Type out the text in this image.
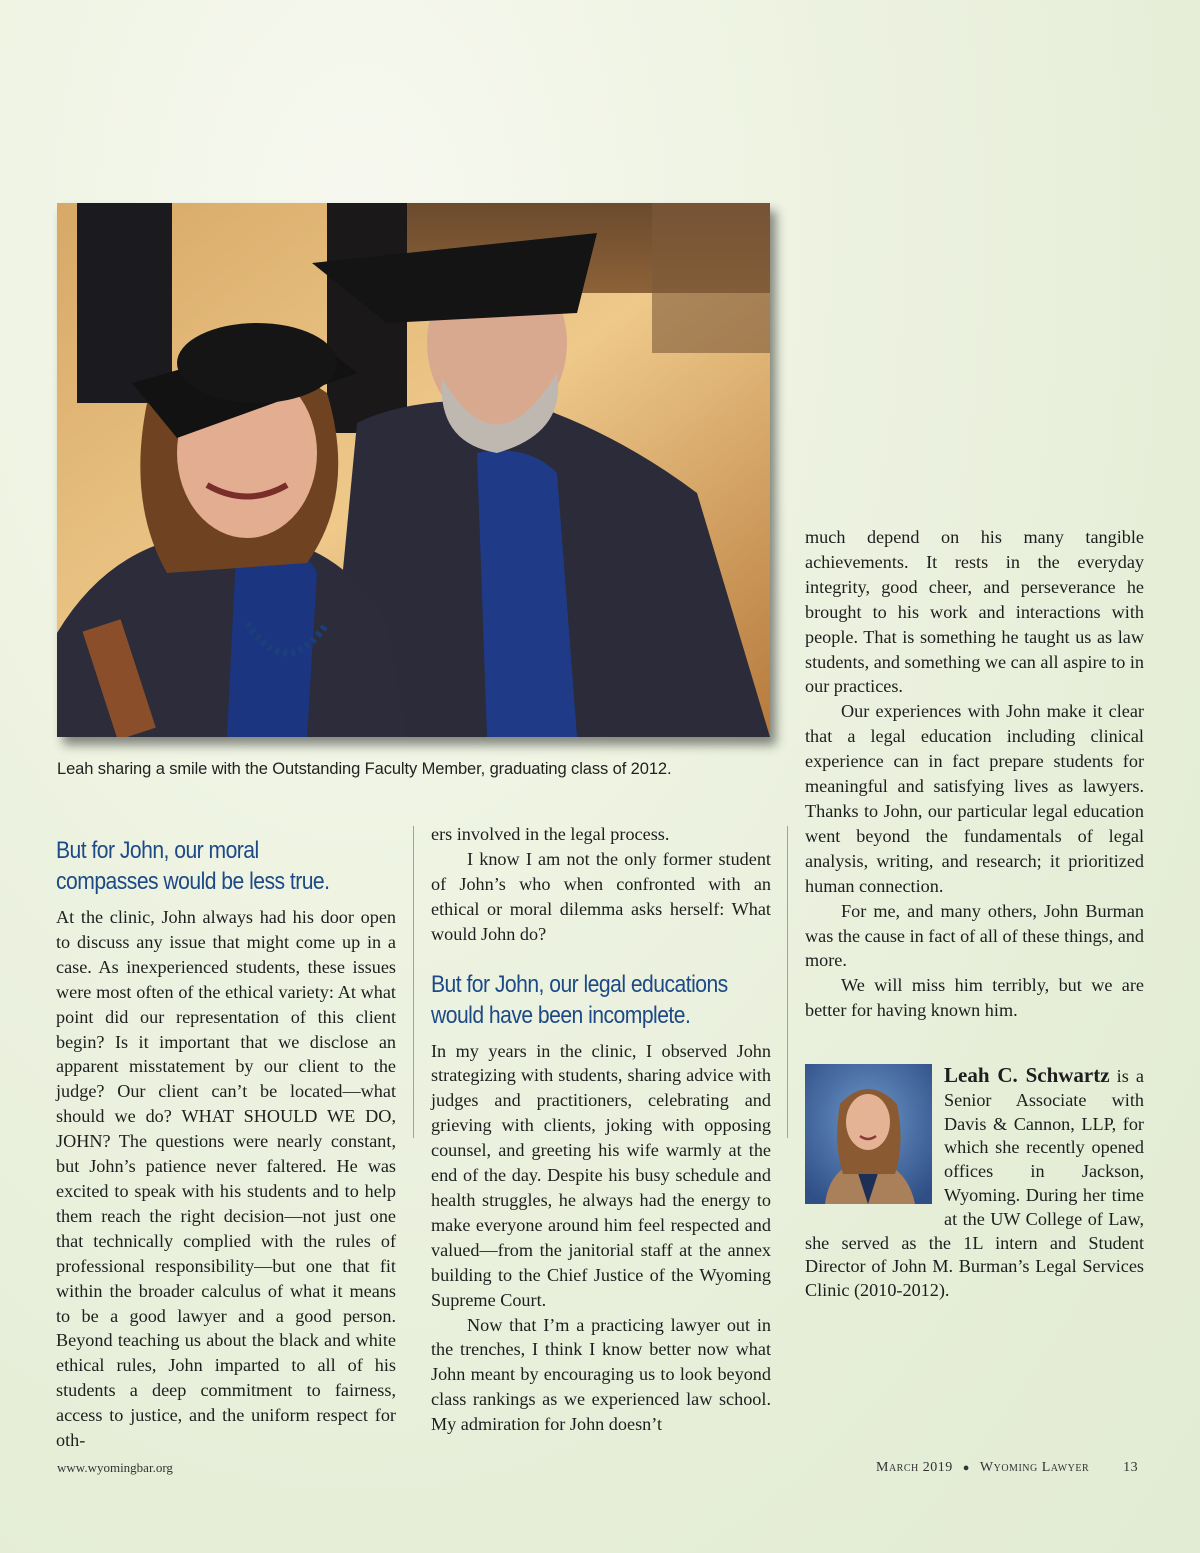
Leah sharing a smile with the Outstanding Faculty Member, graduating class of 2012.
But for John, our moral compasses would be less true.

At the clinic, John always had his door open to discuss any issue that might come up in a case. As inexperienced students, these issues were most often of the ethical variety: At what point did our representation of this client begin? Is it important that we disclose an apparent misstatement by our client to the judge? Our client can’t be located—what should we do? WHAT SHOULD WE DO, JOHN? The questions were nearly constant, but John’s patience never faltered. He was excited to speak with his students and to help them reach the right decision—not just one that technically complied with the rules of professional responsibility—but one that fit within the broader calculus of what it means to be a good lawyer and a good person. Beyond teaching us about the black and white ethical rules, John imparted to all of his students a deep commitment to fairness, access to justice, and the uniform respect for oth-

ers involved in the legal process.

I know I am not the only former student of John’s who when confronted with an ethical or moral dilemma asks herself: What would John do?

But for John, our legal educations would have been incomplete.

In my years in the clinic, I observed John strategizing with students, sharing advice with judges and practitioners, celebrating and grieving with clients, joking with opposing counsel, and greeting his wife warmly at the end of the day. Despite his busy schedule and health struggles, he always had the energy to make everyone around him feel respected and valued—from the janitorial staff at the annex building to the Chief Justice of the Wyoming Supreme Court.

Now that I’m a practicing lawyer out in the trenches, I think I know better now what John meant by encouraging us to look beyond class rankings as we experienced law school. My admiration for John doesn’t

much depend on his many tangible achievements. It rests in the everyday integrity, good cheer, and perseverance he brought to his work and interactions with people. That is something he taught us as law students, and something we can all aspire to in our practices.

Our experiences with John make it clear that a legal education including clinical experience can in fact prepare students for meaningful and satisfying lives as lawyers. Thanks to John, our particular legal education went beyond the fundamentals of legal analysis, writing, and research; it prioritized human connection.

For me, and many others, John Burman was the cause in fact of all of these things, and more.

We will miss him terribly, but we are better for having known him.

Leah C. Schwartz is a Senior Associate with Davis & Cannon, LLP, for which she recently opened offices in Jackson, Wyoming. During her time at the UW College of Law, she served as the 1L intern and Student Director of John M. Burman’s Legal Services Clinic (2010-2012).
www.wyomingbar.org	March 2019 ● Wyoming Lawyer 13
